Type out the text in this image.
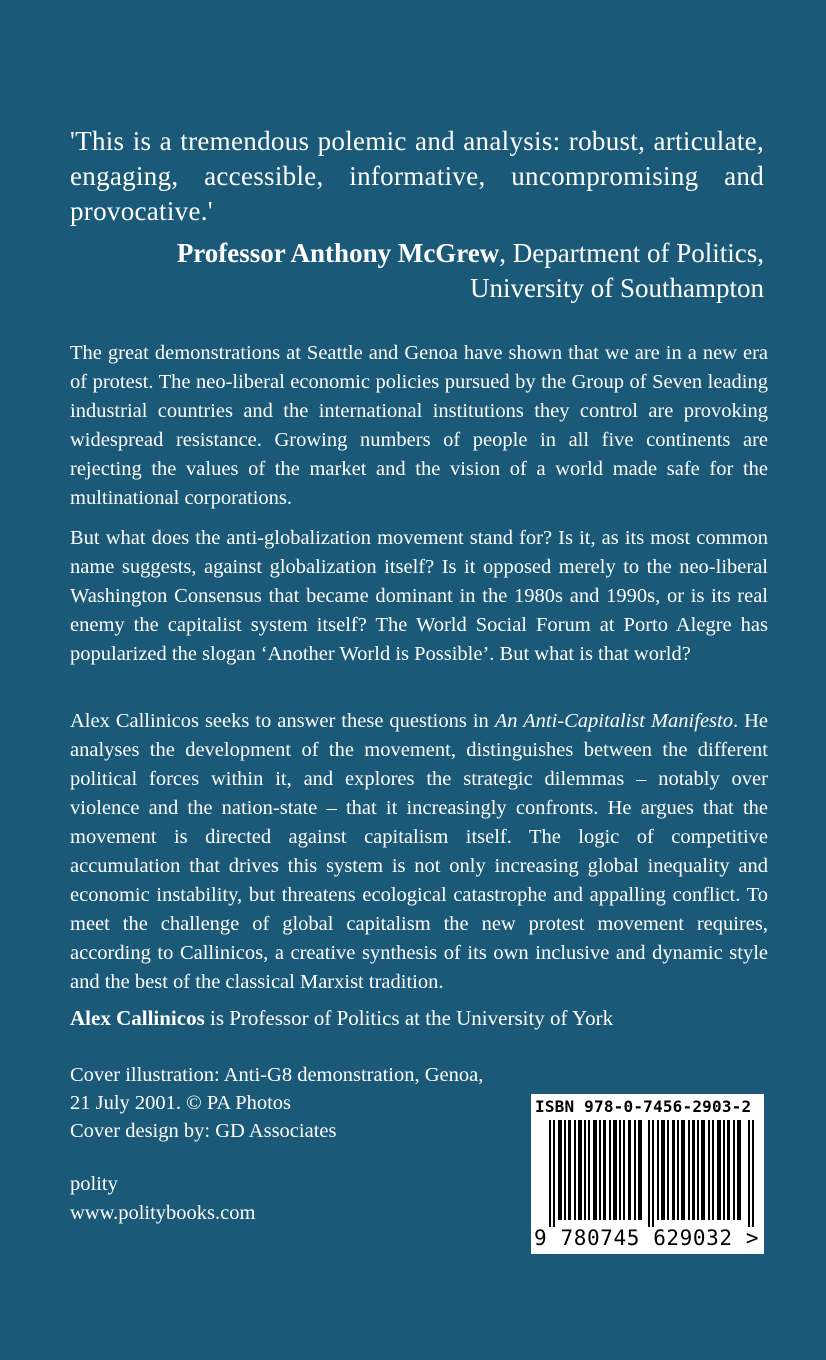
'This is a tremendous polemic and analysis: robust, articulate, engaging, accessible, informative, uncompromising and provocative.'
Professor Anthony McGrew, Department of Politics,
University of Southampton
The great demonstrations at Seattle and Genoa have shown that we are in a new era of protest. The neo-liberal economic policies pursued by the Group of Seven leading industrial countries and the international institutions they control are provoking widespread resistance. Growing numbers of people in all five continents are rejecting the values of the market and the vision of a world made safe for the multinational corporations.
But what does the anti-globalization movement stand for? Is it, as its most common name suggests, against globalization itself? Is it opposed merely to the neo-liberal Washington Consensus that became dominant in the 1980s and 1990s, or is its real enemy the capitalist system itself? The World Social Forum at Porto Alegre has popularized the slogan ‘Another World is Possible’. But what is that world?
Alex Callinicos seeks to answer these questions in An Anti-Capitalist Manifesto. He analyses the development of the movement, distinguishes between the different political forces within it, and explores the strategic dilemmas – notably over violence and the nation-state – that it increasingly confronts. He argues that the movement is directed against capitalism itself. The logic of competitive accumulation that drives this system is not only increasing global inequality and economic instability, but threatens ecological catastrophe and appalling conflict. To meet the challenge of global capitalism the new protest movement requires, according to Callinicos, a creative synthesis of its own inclusive and dynamic style and the best of the classical Marxist tradition.
Alex Callinicos is Professor of Politics at the University of York
Cover illustration: Anti-G8 demonstration, Genoa,
21 July 2001. © PA Photos
Cover design by: GD Associates
polity
www.politybooks.com
ISBN 978-0-7456-2903-2
9 780745 629032 >
